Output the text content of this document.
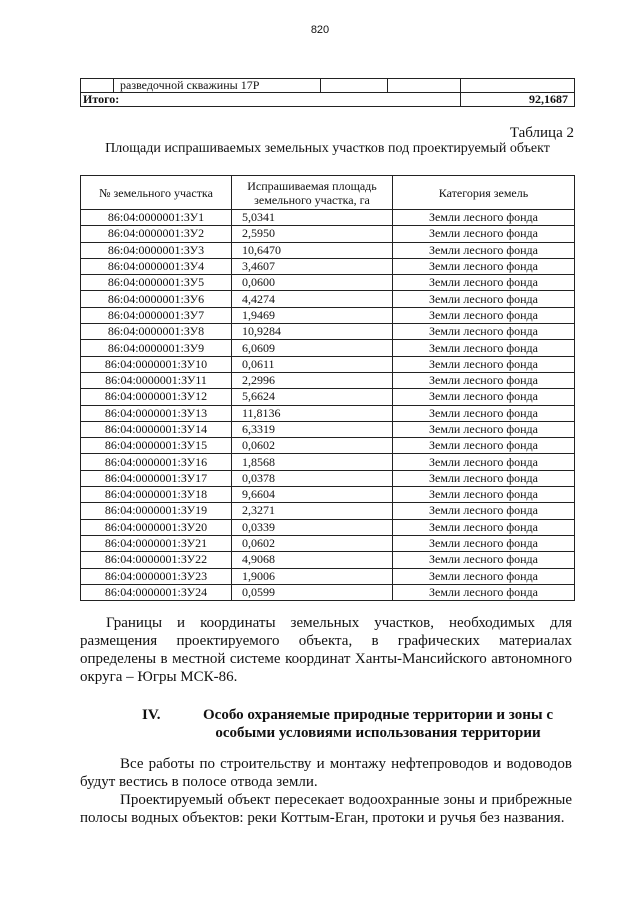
820
	разведочной скважины 17Р			
Итого:				92,1687
Таблица 2
Площади испрашиваемых земельных участков под проектируемый объект
№ земельного участка	Испрашиваемая площадь земельного участка, га	Категория земель
86:04:0000001:ЗУ1	5,0341	Земли лесного фонда
86:04:0000001:ЗУ2	2,5950	Земли лесного фонда
86:04:0000001:ЗУ3	10,6470	Земли лесного фонда
86:04:0000001:ЗУ4	3,4607	Земли лесного фонда
86:04:0000001:ЗУ5	0,0600	Земли лесного фонда
86:04:0000001:ЗУ6	4,4274	Земли лесного фонда
86:04:0000001:ЗУ7	1,9469	Земли лесного фонда
86:04:0000001:ЗУ8	10,9284	Земли лесного фонда
86:04:0000001:ЗУ9	6,0609	Земли лесного фонда
86:04:0000001:ЗУ10	0,0611	Земли лесного фонда
86:04:0000001:ЗУ11	2,2996	Земли лесного фонда
86:04:0000001:ЗУ12	5,6624	Земли лесного фонда
86:04:0000001:ЗУ13	11,8136	Земли лесного фонда
86:04:0000001:ЗУ14	6,3319	Земли лесного фонда
86:04:0000001:ЗУ15	0,0602	Земли лесного фонда
86:04:0000001:ЗУ16	1,8568	Земли лесного фонда
86:04:0000001:ЗУ17	0,0378	Земли лесного фонда
86:04:0000001:ЗУ18	9,6604	Земли лесного фонда
86:04:0000001:ЗУ19	2,3271	Земли лесного фонда
86:04:0000001:ЗУ20	0,0339	Земли лесного фонда
86:04:0000001:ЗУ21	0,0602	Земли лесного фонда
86:04:0000001:ЗУ22	4,9068	Земли лесного фонда
86:04:0000001:ЗУ23	1,9006	Земли лесного фонда
86:04:0000001:ЗУ24	0,0599	Земли лесного фонда
Границы и координаты земельных участков, необходимых для размещения проектируемого объекта, в графических материалах определены в местной системе координат Ханты-Мансийского автономного округа – Югры МСК-86.
IV.	Особо охраняемые природные территории и зоны с особыми условиями использования территории
Все работы по строительству и монтажу нефтепроводов и водоводов будут вестись в полосе отвода земли.
Проектируемый объект пересекает водоохранные зоны и прибрежные полосы водных объектов: реки Коттым-Еган, протоки и ручья без названия.
